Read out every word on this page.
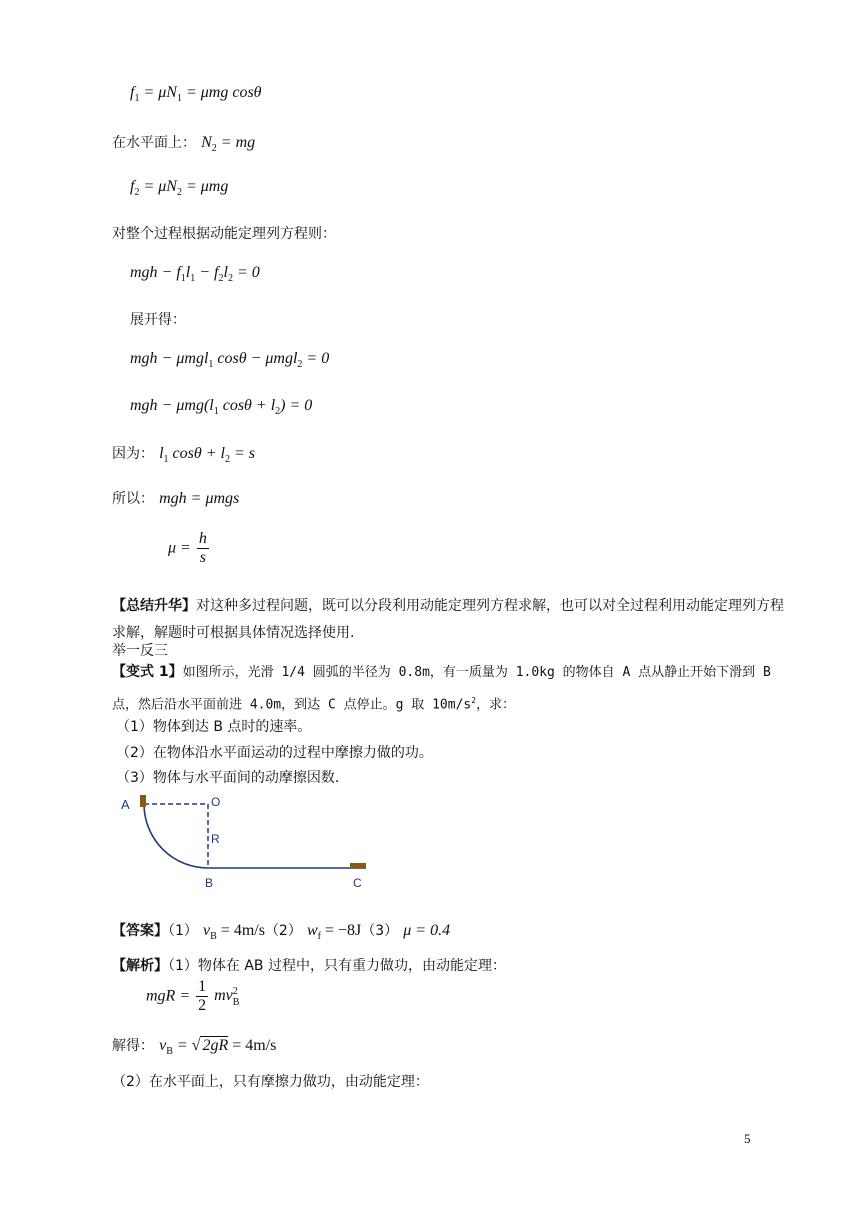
$f_1 = \mu N_1 = \mu mg$ cosθ
在水平面上： $N_2$ = mg
$f_2 = \mu N_2 = \mu mg$
对整个过程根据动能定理列方程则：
mgh − $f_1l_1 - f_2l_2 = 0$
展开得：
mgh − μmgl$_1$ cosθ − μmgl$_2$ = 0
mgh − $\mu mg(l_1$ $\cos\theta + l_2) = 0$
因为： $l_1$ $\cos\theta + l_2 = s$
所以： mgh = μmgs
$\mu = \frac{h}{s}$
【总结升华】对这种多过程问题，既可以分段利用动能定理列方程求解，也可以对全过程利用动能定理列方程求解，解题时可根据具体情况选择使用.
举一反三
【变式 1】如图所示，光滑 1/4 圆弧的半径为 0.8m，有一质量为 1.0kg 的物体自 A 点从静止开始下滑到 B 点，然后沿水平面前进 4.0m，到达 C 点停止。g 取 $10m/s^2$，求：
（1）物体到达 B 点时的速率。
（2）在物体沿水平面运动的过程中摩擦力做的功。
（3）物体与水平面间的动摩擦因数.
A	O
R
B	C
【答案】（1） $v_B = 4m/s(2) w_f = -8J(3) \mu = 0.4$
【解析】（1）物体在 AB 过程中，只有重力做功，由动能定理：
mgR = $\frac{1}{2}$ mv 2
B
解得： $v_B$ = √ 2gR = 4m/s
（2）在水平面上，只有摩擦力做功，由动能定理：
5
